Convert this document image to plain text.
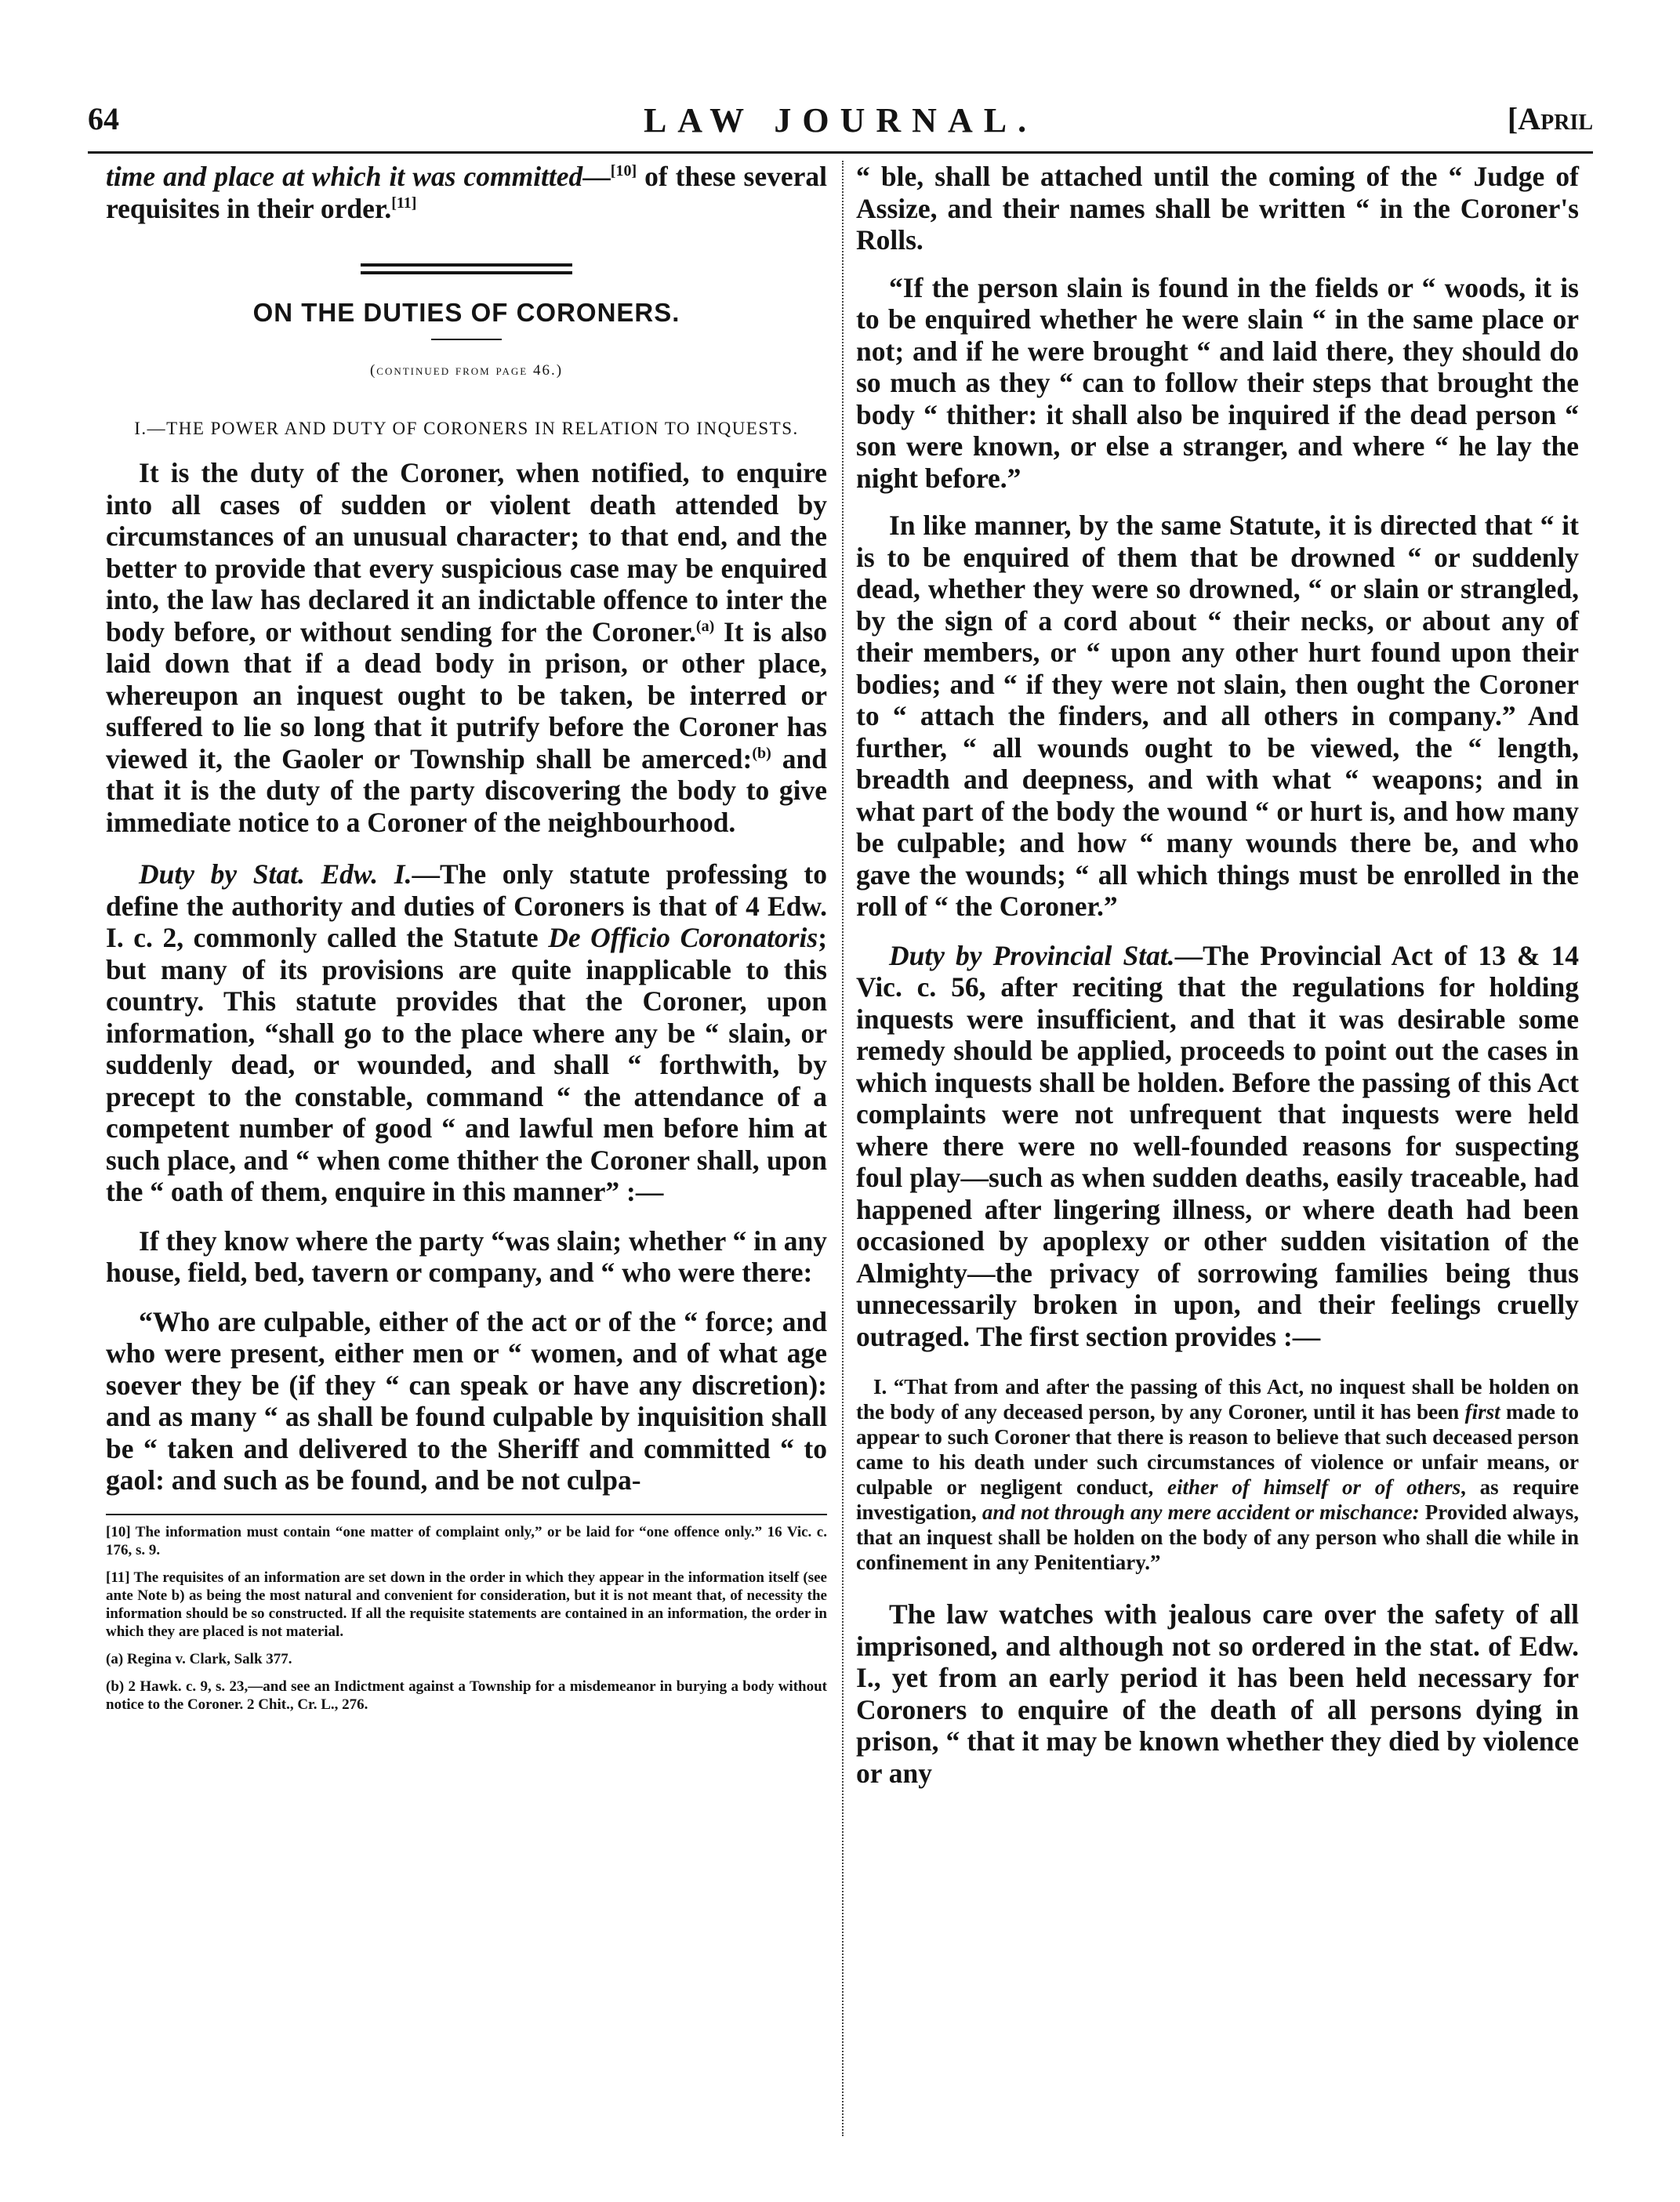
64	LAW JOURNAL.	[April

time and place at which it was committed—[10] of these several requisites in their order.[11]

ON THE DUTIES OF CORONERS.
(continued from page 46.)
I.—THE POWER AND DUTY OF CORONERS IN RELATION TO INQUESTS.

It is the duty of the Coroner, when notified, to enquire into all cases of sudden or violent death attended by circumstances of an unusual character; to that end, and the better to provide that every suspicious case may be enquired into, the law has declared it an indictable offence to inter the body before, or without sending for the Coroner.$^{(a)}$ It is also laid down that if a dead body in prison, or other place, whereupon an inquest ought to be taken, be interred or suffered to lie so long that it putrify before the Coroner has viewed it, the Gaoler or Township shall be amerced:$^{(b)}$ and that it is the duty of the party discovering the body to give immediate notice to a Coroner of the neighbourhood.

Duty by Stat. Edw. I.—The only statute professing to define the authority and duties of Coroners is that of 4 Edw. I. c. 2, commonly called the Statute De Officio Coronatoris; but many of its provisions are quite inapplicable to this country. This statute provides that the Coroner, upon information, “shall go to the place where any be “ slain, or suddenly dead, or wounded, and shall “ forthwith, by precept to the constable, command “ the attendance of a competent number of good “ and lawful men before him at such place, and “ when come thither the Coroner shall, upon the “ oath of them, enquire in this manner” :—

If they know where the party “was slain; whether “ in any house, field, bed, tavern or company, and “ who were there:

“Who are culpable, either of the act or of the “ force; and who were present, either men or “ women, and of what age soever they be (if they “ can speak or have any discretion): and as many “ as shall be found culpable by inquisition shall be “ taken and delivered to the Sheriff and committed “ to gaol: and such as be found, and be not culpa-

[10] The information must contain “one matter of complaint only,” or be laid for “one offence only.” 16 Vic. c. 176, s. 9.

[11] The requisites of an information are set down in the order in which they appear in the information itself (see ante Note b) as being the most natural and convenient for consideration, but it is not meant that, of necessity the information should be so constructed. If all the requisite statements are contained in an information, the order in which they are placed is not material.

(a) Regina v. Clark, Salk 377.

(b) 2 Hawk. c. 9, s. 23,—and see an Indictment against a Township for a misdemeanor in burying a body without notice to the Coroner. 2 Chit., Cr. L., 276.

“ ble, shall be attached until the coming of the “ Judge of Assize, and their names shall be written “ in the Coroner's Rolls.

“If the person slain is found in the fields or “ woods, it is to be enquired whether he were slain “ in the same place or not; and if he were brought “ and laid there, they should do so much as they “ can to follow their steps that brought the body “ thither: it shall also be inquired if the dead person “ son were known, or else a stranger, and where “ he lay the night before.”

In like manner, by the same Statute, it is directed that “ it is to be enquired of them that be drowned “ or suddenly dead, whether they were so drowned, “ or slain or strangled, by the sign of a cord about “ their necks, or about any of their members, or “ upon any other hurt found upon their bodies; and “ if they were not slain, then ought the Coroner to “ attach the finders, and all others in company.” And further, “ all wounds ought to be viewed, the “ length, breadth and deepness, and with what “ weapons; and in what part of the body the wound “ or hurt is, and how many be culpable; and how “ many wounds there be, and who gave the wounds; “ all which things must be enrolled in the roll of “ the Coroner.”

Duty by Provincial Stat.—The Provincial Act of 13 & 14 Vic. c. 56, after reciting that the regulations for holding inquests were insufficient, and that it was desirable some remedy should be applied, proceeds to point out the cases in which inquests shall be holden. Before the passing of this Act complaints were not unfrequent that inquests were held where there were no well-founded reasons for suspecting foul play—such as when sudden deaths, easily traceable, had happened after lingering illness, or where death had been occasioned by apoplexy or other sudden visitation of the Almighty—the privacy of sorrowing families being thus unnecessarily broken in upon, and their feelings cruelly outraged. The first section provides :—

I. “That from and after the passing of this Act, no inquest shall be holden on the body of any deceased person, by any Coroner, until it has been first made to appear to such Coroner that there is reason to believe that such deceased person came to his death under such circumstances of violence or unfair means, or culpable or negligent conduct, either of himself or of others, as require investigation, and not through any mere accident or mischance: Provided always, that an inquest shall be holden on the body of any person who shall die while in confinement in any Penitentiary.”

The law watches with jealous care over the safety of all imprisoned, and although not so ordered in the stat. of Edw. I., yet from an early period it has been held necessary for Coroners to enquire of the death of all persons dying in prison, “ that it may be known whether they died by violence or any
